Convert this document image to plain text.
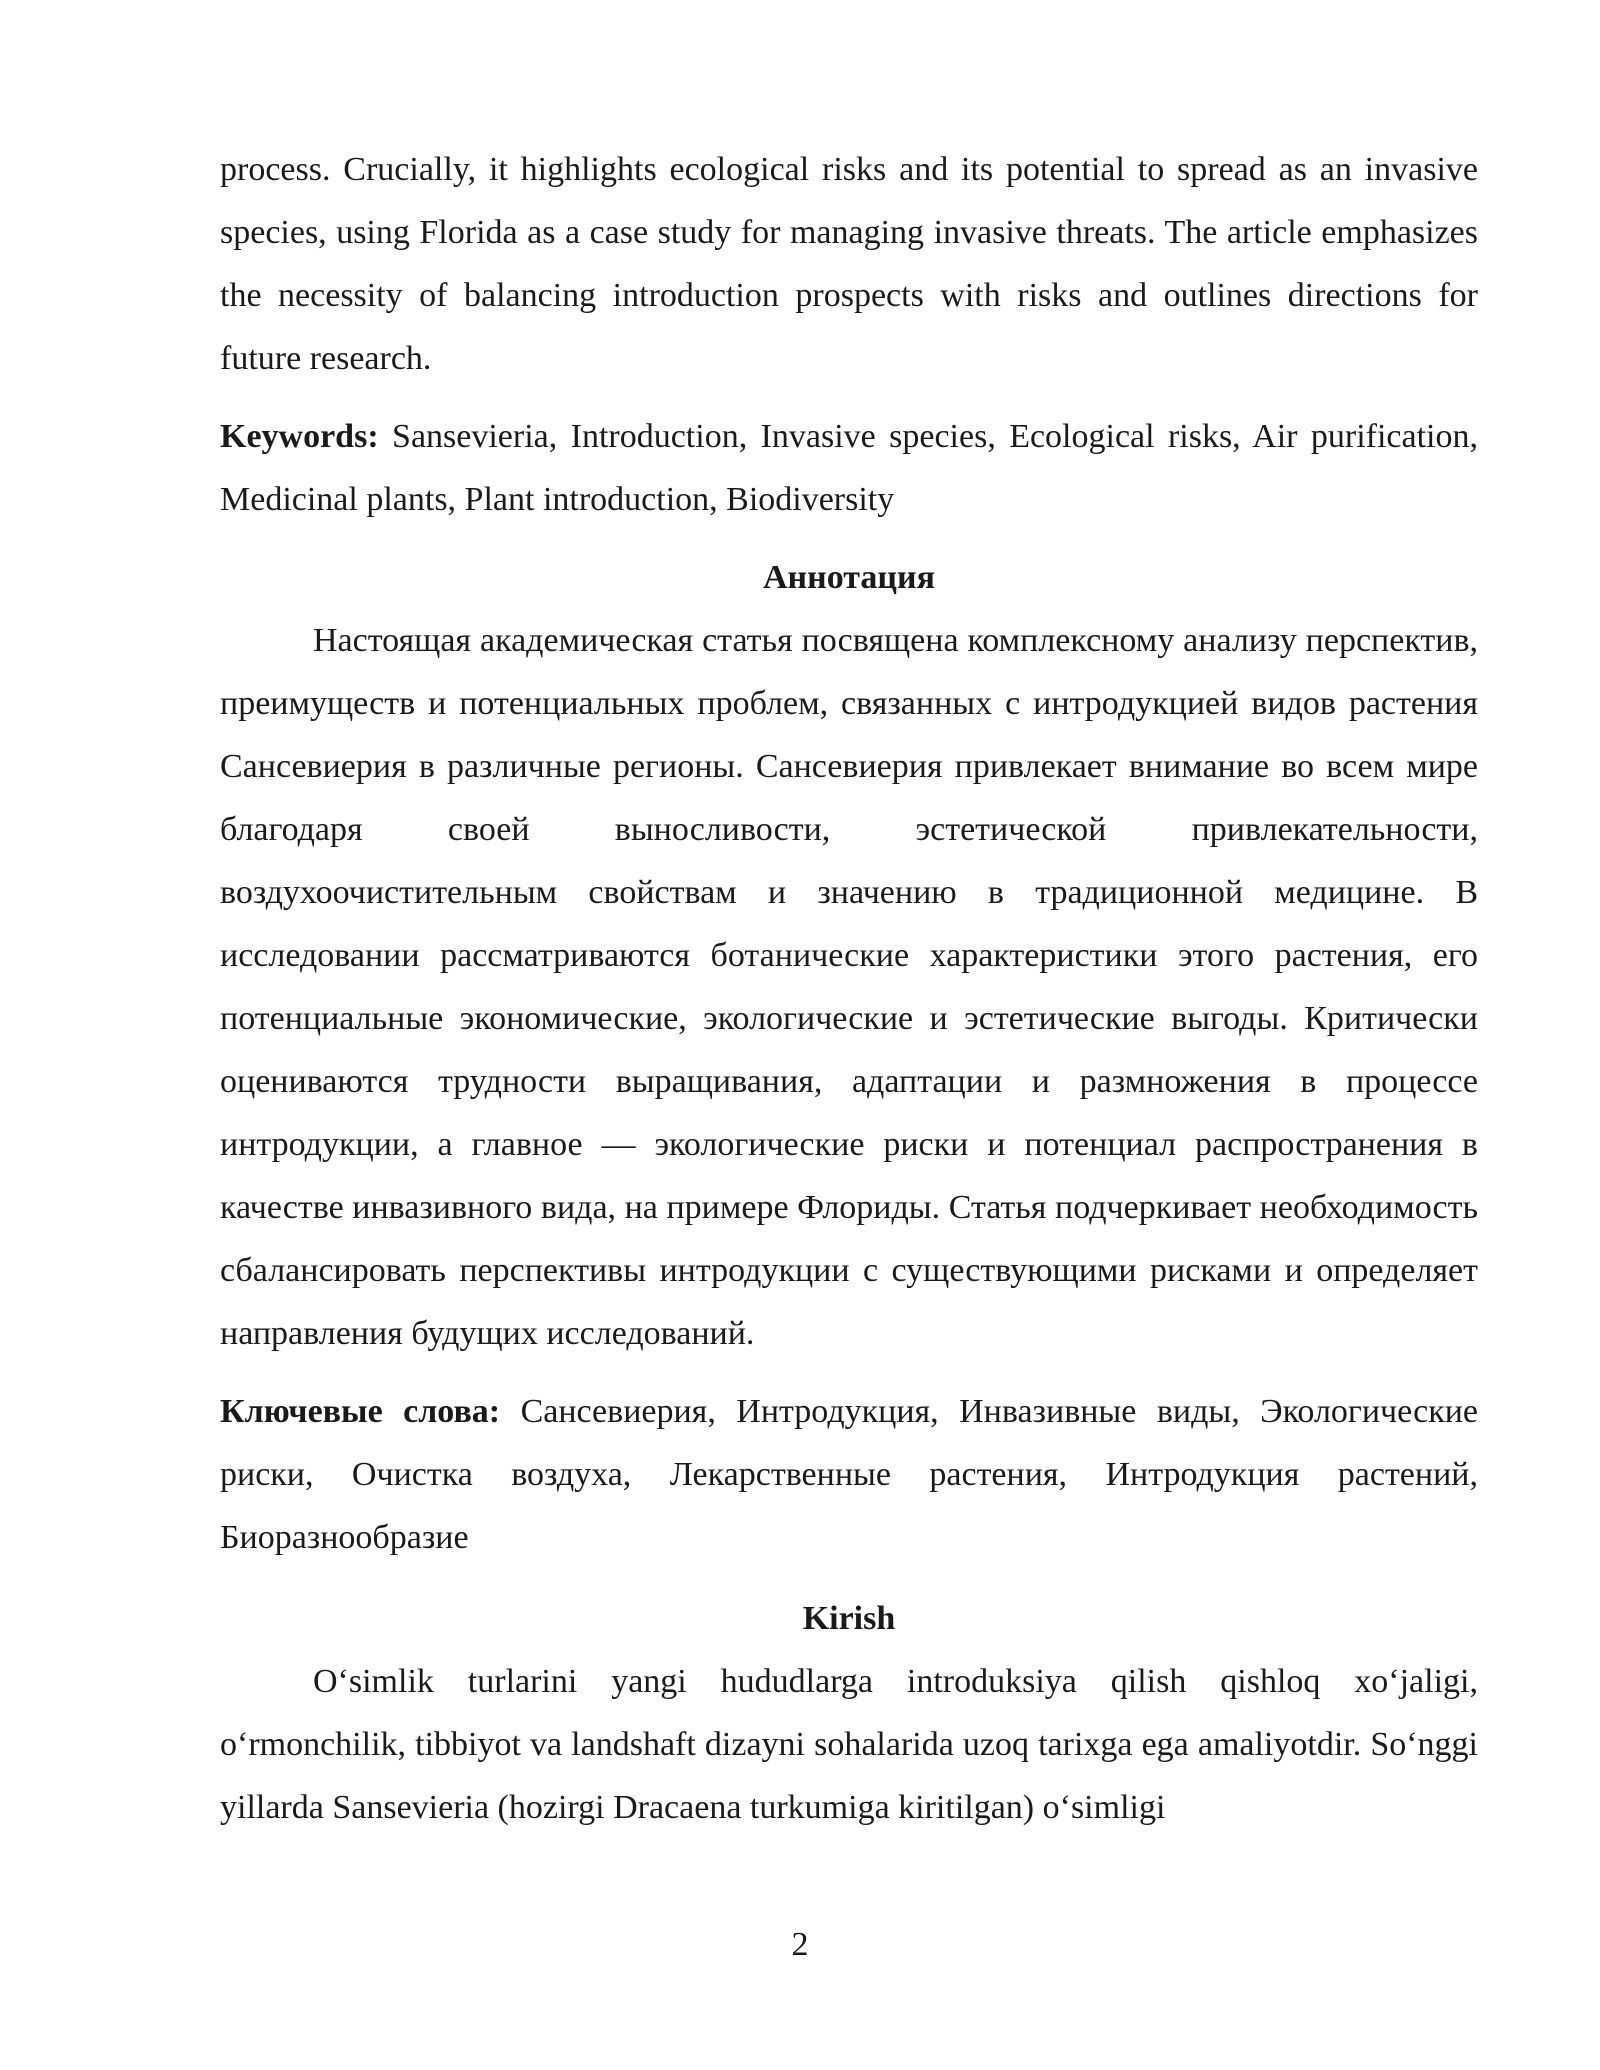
process. Crucially, it highlights ecological risks and its potential to spread as an invasive species, using Florida as a case study for managing invasive threats. The article emphasizes the necessity of balancing introduction prospects with risks and outlines directions for future research.

Keywords: Sansevieria, Introduction, Invasive species, Ecological risks, Air purification, Medicinal plants, Plant introduction, Biodiversity

Аннотация

Настоящая академическая статья посвящена комплексному анализу перспектив, преимуществ и потенциальных проблем, связанных с интродукцией видов растения Сансевиерия в различные регионы. Сансевиерия привлекает внимание во всем мире благодаря своей выносливости, эстетической привлекательности, воздухоочистительным свойствам и значению в традиционной медицине. В исследовании рассматриваются ботанические характеристики этого растения, его потенциальные экономические, экологические и эстетические выгоды. Критически оцениваются трудности выращивания, адаптации и размножения в процессе интродукции, а главное — экологические риски и потенциал распространения в качестве инвазивного вида, на примере Флориды. Статья подчеркивает необходимость сбалансировать перспективы интродукции с существующими рисками и определяет направления будущих исследований.

Ключевые слова: Сансевиерия, Интродукция, Инвазивные виды, Экологические риски, Очистка воздуха, Лекарственные растения, Интродукция растений, Биоразнообразие

Kirish

O‘simlik turlarini yangi hududlarga introduksiya qilish qishloq xo‘jaligi, o‘rmonchilik, tibbiyot va landshaft dizayni sohalarida uzoq tarixga ega amaliyotdir. So‘nggi yillarda Sansevieria (hozirgi Dracaena turkumiga kiritilgan) o‘simligi

2
